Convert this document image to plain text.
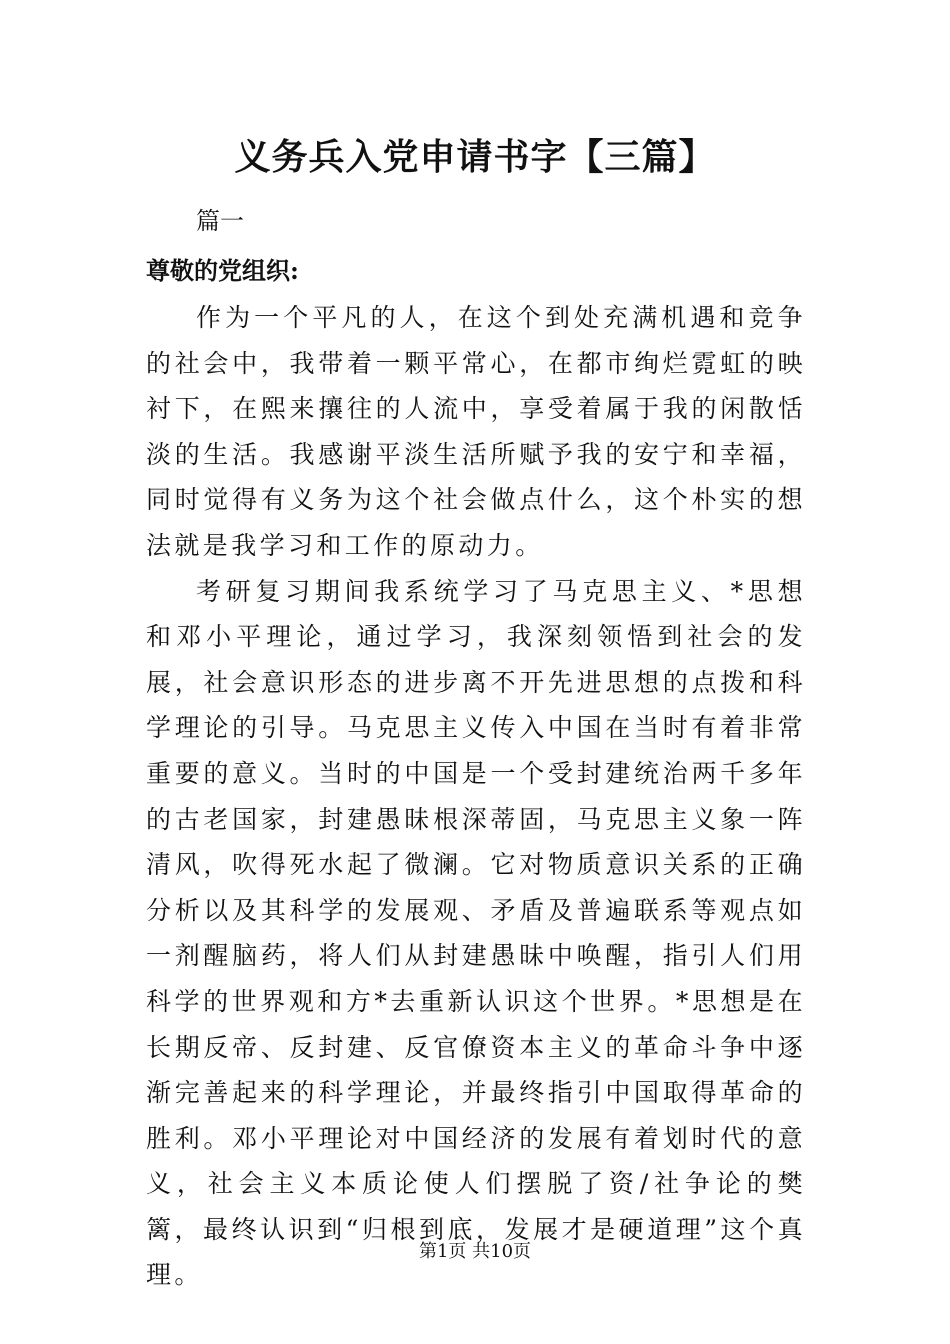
义务兵入党申请书字【三篇】
篇一
尊敬的党组织:

作为一个平凡的人，在这个到处充满机遇和竞争的社会中，我带着一颗平常心，在都市绚烂霓虹的映衬下，在熙来攘往的人流中，享受着属于我的闲散恬淡的生活。我感谢平淡生活所赋予我的安宁和幸福，同时觉得有义务为这个社会做点什么，这个朴实的想法就是我学习和工作的原动力。

考研复习期间我系统学习了马克思主义、*思想和邓小平理论，通过学习，我深刻领悟到社会的发展，社会意识形态的进步离不开先进思想的点拨和科学理论的引导。马克思主义传入中国在当时有着非常重要的意义。当时的中国是一个受封建统治两千多年的古老国家，封建愚昧根深蒂固，马克思主义象一阵清风，吹得死水起了微澜。它对物质意识关系的正确分析以及其科学的发展观、矛盾及普遍联系等观点如一剂醒脑药，将人们从封建愚昧中唤醒，指引人们用科学的世界观和方*去重新认识这个世界。*思想是在长期反帝、反封建、反官僚资本主义的革命斗争中逐渐完善起来的科学理论，并最终指引中国取得革命的胜利。邓小平理论对中国经济的发展有着划时代的意义，社会主义本质论使人们摆脱了资/社争论的樊篱，最终认识到“归根到底，发展才是硬道理”这个真理。

第1页 共10页
